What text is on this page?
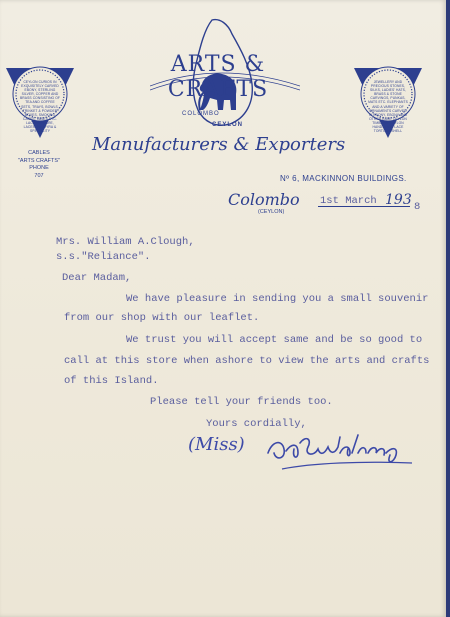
CEYLON CURIOS IN EXQUISITELY CARVED EBONY, STERLING SILVER, COPPER AND BRASS CONSISTING OF TEA AND COFFEE SETS, TRAYS, BOWLS, TRINKET & POWDER BOXES, SMOKING CASES, VASES ETC. LACQUERWARE, LACES, PALMYRA & SPECIALITY
CABLES
"ARTS CRAFTS"
PHONE
707
JEWELLERY AND PRECIOUS STONES, SILKS, LADIES' HATS, BRASS & STONE CARVINGS, PUNKAS, MATS ETC. ELEPHANTS AND A VARIETY OF ORNAMENTS CARVED IN EBONY, EBONY AND OTHER RARE CEYLON TIMBERS. CEYLON HAND-MADE LACE TORTOISESHELL
ARTS & CRAFTS
COLOMBO
CEYLON
Manufacturers & Exporters
Nº 6, MACKINNON BUILDINGS.
Colombo
(CEYLON)
193
1st March	8
Mrs. William A.Clough,
s.s."Reliance".
Dear Madam,
We have pleasure in sending you a small souvenir
from our shop with our leaflet.
We trust you will accept same and be so good to
call at this store when ashore to view the arts and crafts
of this Island.
Please tell your friends too.
Yours cordially,
(Miss)
